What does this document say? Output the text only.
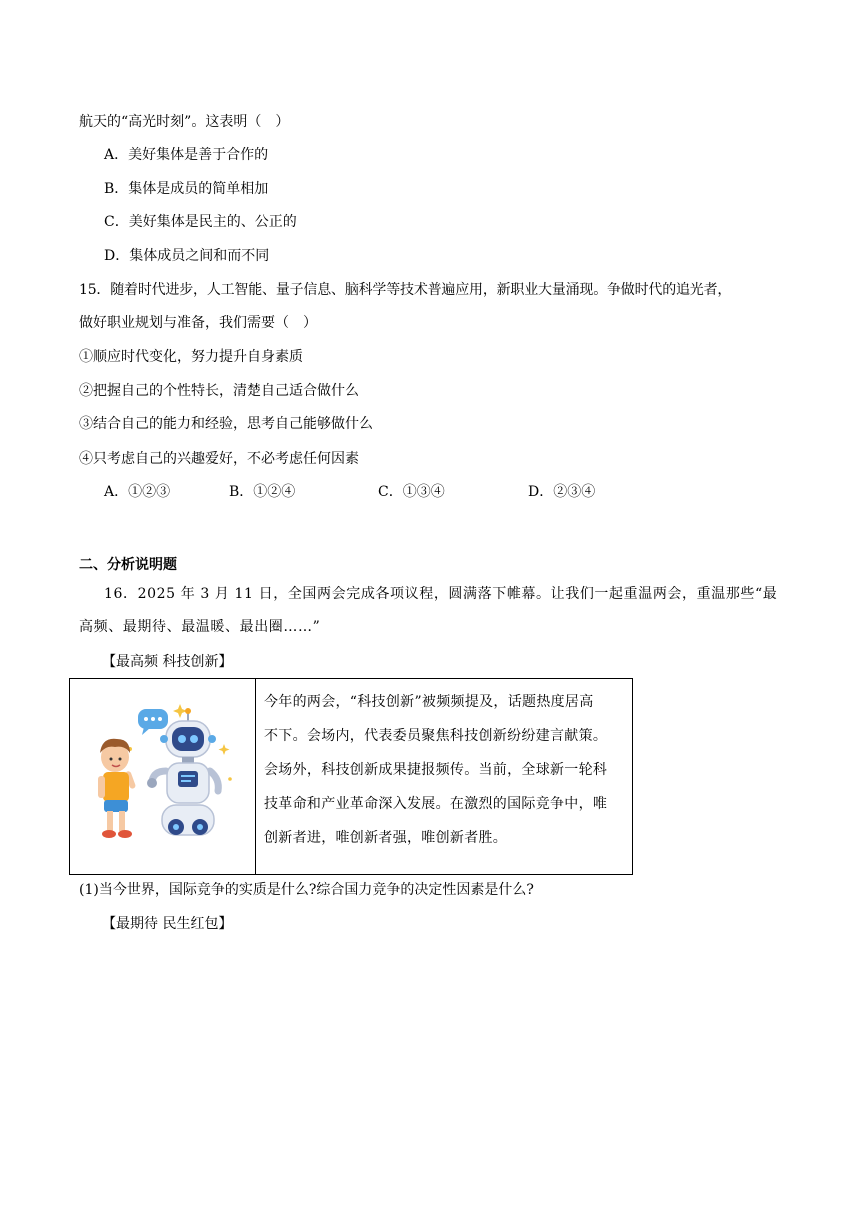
航天的“高光时刻”。这表明（　）
A．美好集体是善于合作的
B．集体是成员的简单相加
C．美好集体是民主的、公正的
D．集体成员之间和而不同
15．随着时代进步，人工智能、量子信息、脑科学等技术普遍应用，新职业大量涌现。争做时代的追光者，
做好职业规划与准备，我们需要（　）
①顺应时代变化，努力提升自身素质
②把握自己的个性特长，清楚自己适合做什么
③结合自己的能力和经验，思考自己能够做什么
④只考虑自己的兴趣爱好，不必考虑任何因素
A．①②③	B．①②④	C．①③④	D．②③④
二、分析说明题
16．2025 年 3 月 11 日，全国两会完成各项议程，圆满落下帷幕。让我们一起重温两会，重温那些“最
高频、最期待、最温暖、最出圈……”
【最高频 科技创新】

今年的两会，“科技创新”被频频提及，话题热度居高
不下。会场内，代表委员聚焦科技创新纷纷建言献策。
会场外，科技创新成果捷报频传。当前，全球新一轮科
技革命和产业革命深入发展。在激烈的国际竞争中，唯
创新者进，唯创新者强，唯创新者胜。
(1)当今世界，国际竞争的实质是什么?综合国力竞争的决定性因素是什么?
【最期待 民生红包】
